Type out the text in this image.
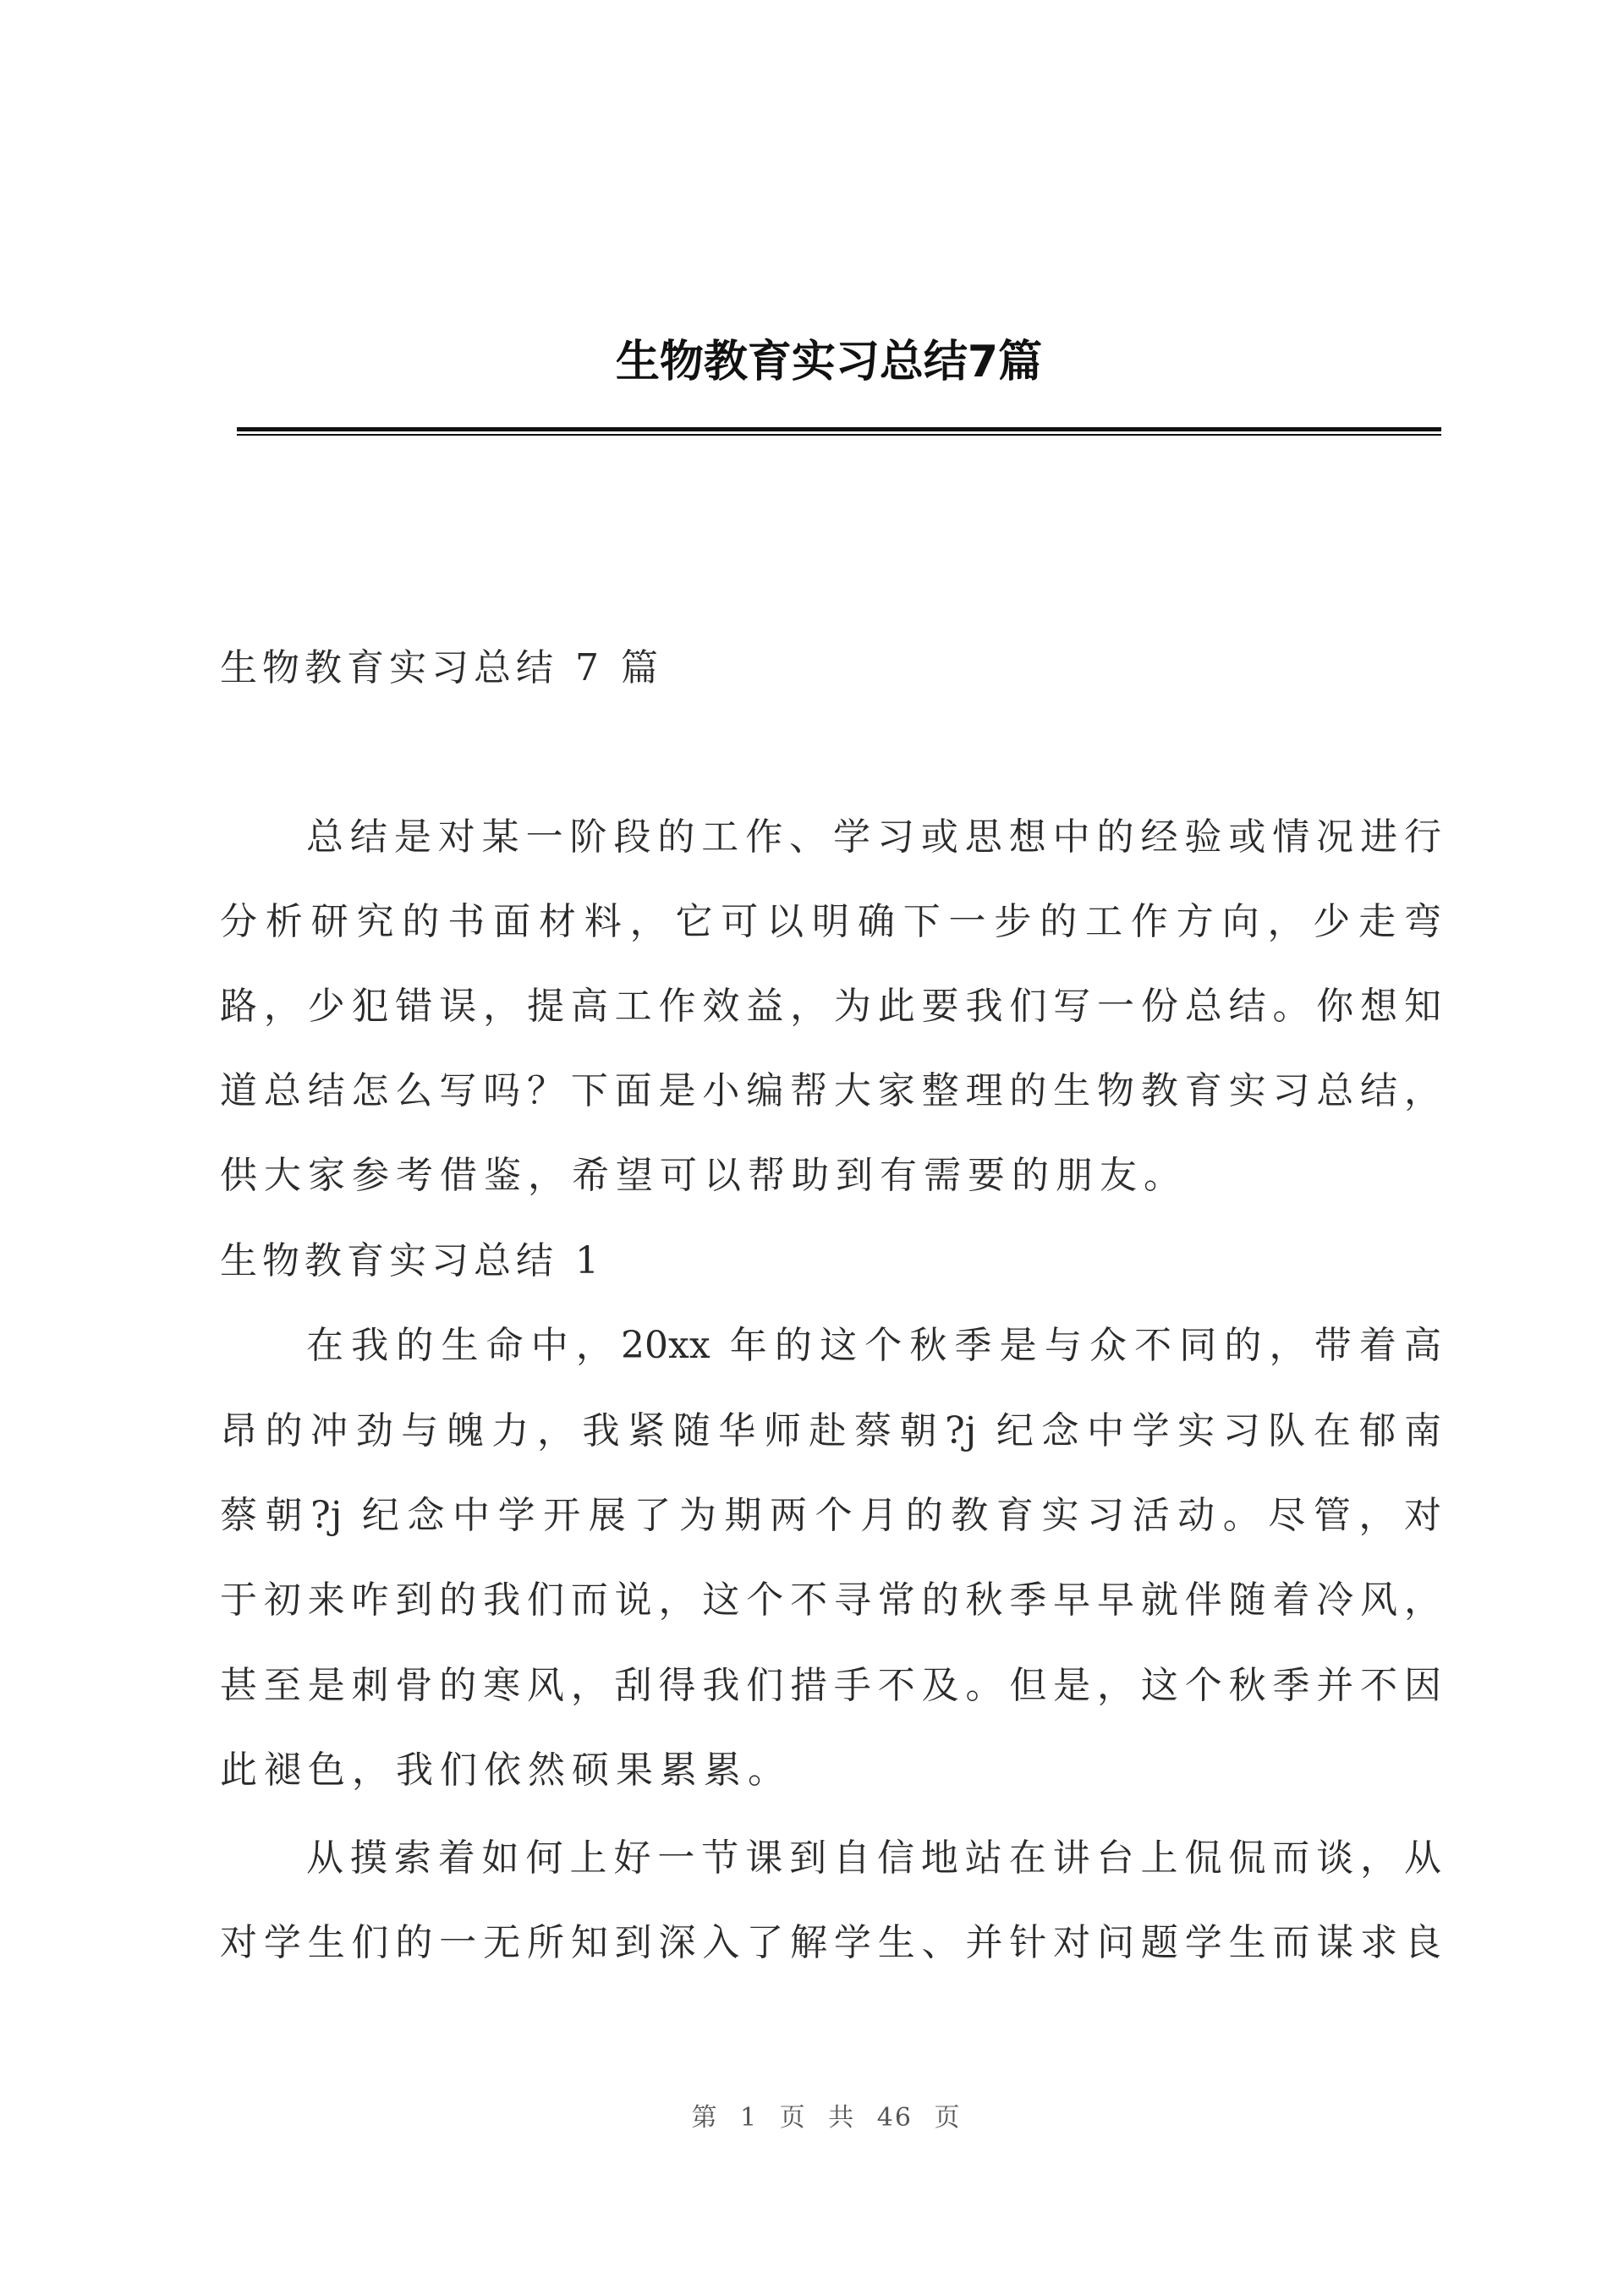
生物教育实习总结7篇
生物教育实习总结 7 篇
总结是对某一阶段的工作、学习或思想中的经验或情况进行
分析研究的书面材料，它可以明确下一步的工作方向，少走弯
路，少犯错误，提高工作效益，为此要我们写一份总结。你想知
道总结怎么写吗？下面是小编帮大家整理的生物教育实习总结，
供大家参考借鉴，希望可以帮助到有需要的朋友。
生物教育实习总结 1
在我的生命中，20xx 年的这个秋季是与众不同的，带着高
昂的冲劲与魄力，我紧随华师赴蔡朝?j 纪念中学实习队在郁南
蔡朝?j 纪念中学开展了为期两个月的教育实习活动。尽管，对
于初来咋到的我们而说，这个不寻常的秋季早早就伴随着冷风，
甚至是刺骨的寒风，刮得我们措手不及。但是，这个秋季并不因
此褪色，我们依然硕果累累。
从摸索着如何上好一节课到自信地站在讲台上侃侃而谈，从
对学生们的一无所知到深入了解学生、并针对问题学生而谋求良
第 1 页 共 46 页
